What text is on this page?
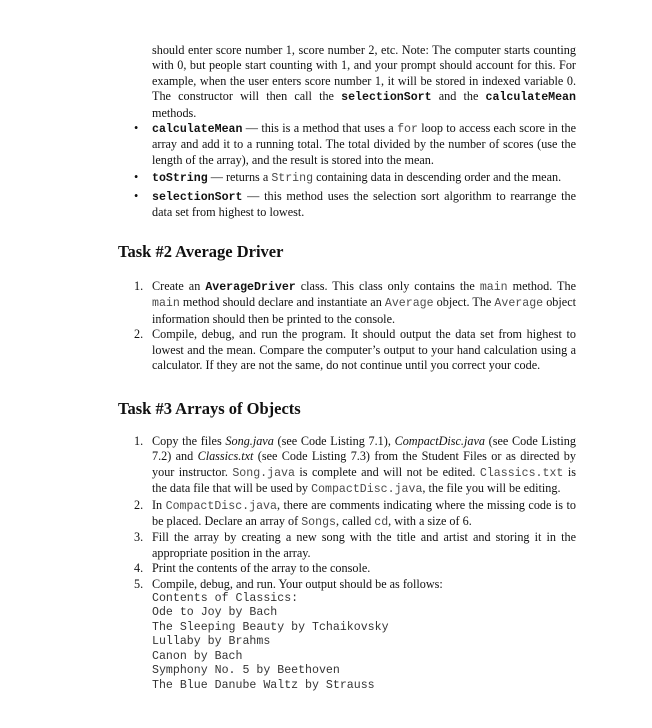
should enter score number 1, score number 2, etc. Note: The computer starts counting with 0, but people start counting with 1, and your prompt should account for this. For example, when the user enters score number 1, it will be stored in indexed variable 0. The constructor will then call the selectionSort and the calculateMean methods.
• calculateMean — this is a method that uses a for loop to access each score in the array and add it to a running total. The total divided by the number of scores (use the length of the array), and the result is stored into the mean.
• toString — returns a String containing data in descending order and the mean.
• selectionSort — this method uses the selection sort algorithm to rearrange the data set from highest to lowest.
Task #2 Average Driver
1. Create an AverageDriver class. This class only contains the main method. The main method should declare and instantiate an Average object. The Average object information should then be printed to the console.
2. Compile, debug, and run the program. It should output the data set from highest to lowest and the mean. Compare the computer’s output to your hand calculation using a calculator. If they are not the same, do not continue until you correct your code.
Task #3 Arrays of Objects
1. Copy the files Song.java (see Code Listing 7.1), CompactDisc.java (see Code Listing 7.2) and Classics.txt (see Code Listing 7.3) from the Student Files or as directed by your instructor. Song.java is complete and will not be edited. Classics.txt is the data file that will be used by CompactDisc.java, the file you will be editing.
2. In CompactDisc.java, there are comments indicating where the missing code is to be placed. Declare an array of Songs, called cd, with a size of 6.
3. Fill the array by creating a new song with the title and artist and storing it in the appropriate position in the array.
4. Print the contents of the array to the console.
5. Compile, debug, and run. Your output should be as follows:
Contents of Classics:
Ode to Joy by Bach
The Sleeping Beauty by Tchaikovsky
Lullaby by Brahms
Canon by Bach
Symphony No. 5 by Beethoven
The Blue Danube Waltz by Strauss
